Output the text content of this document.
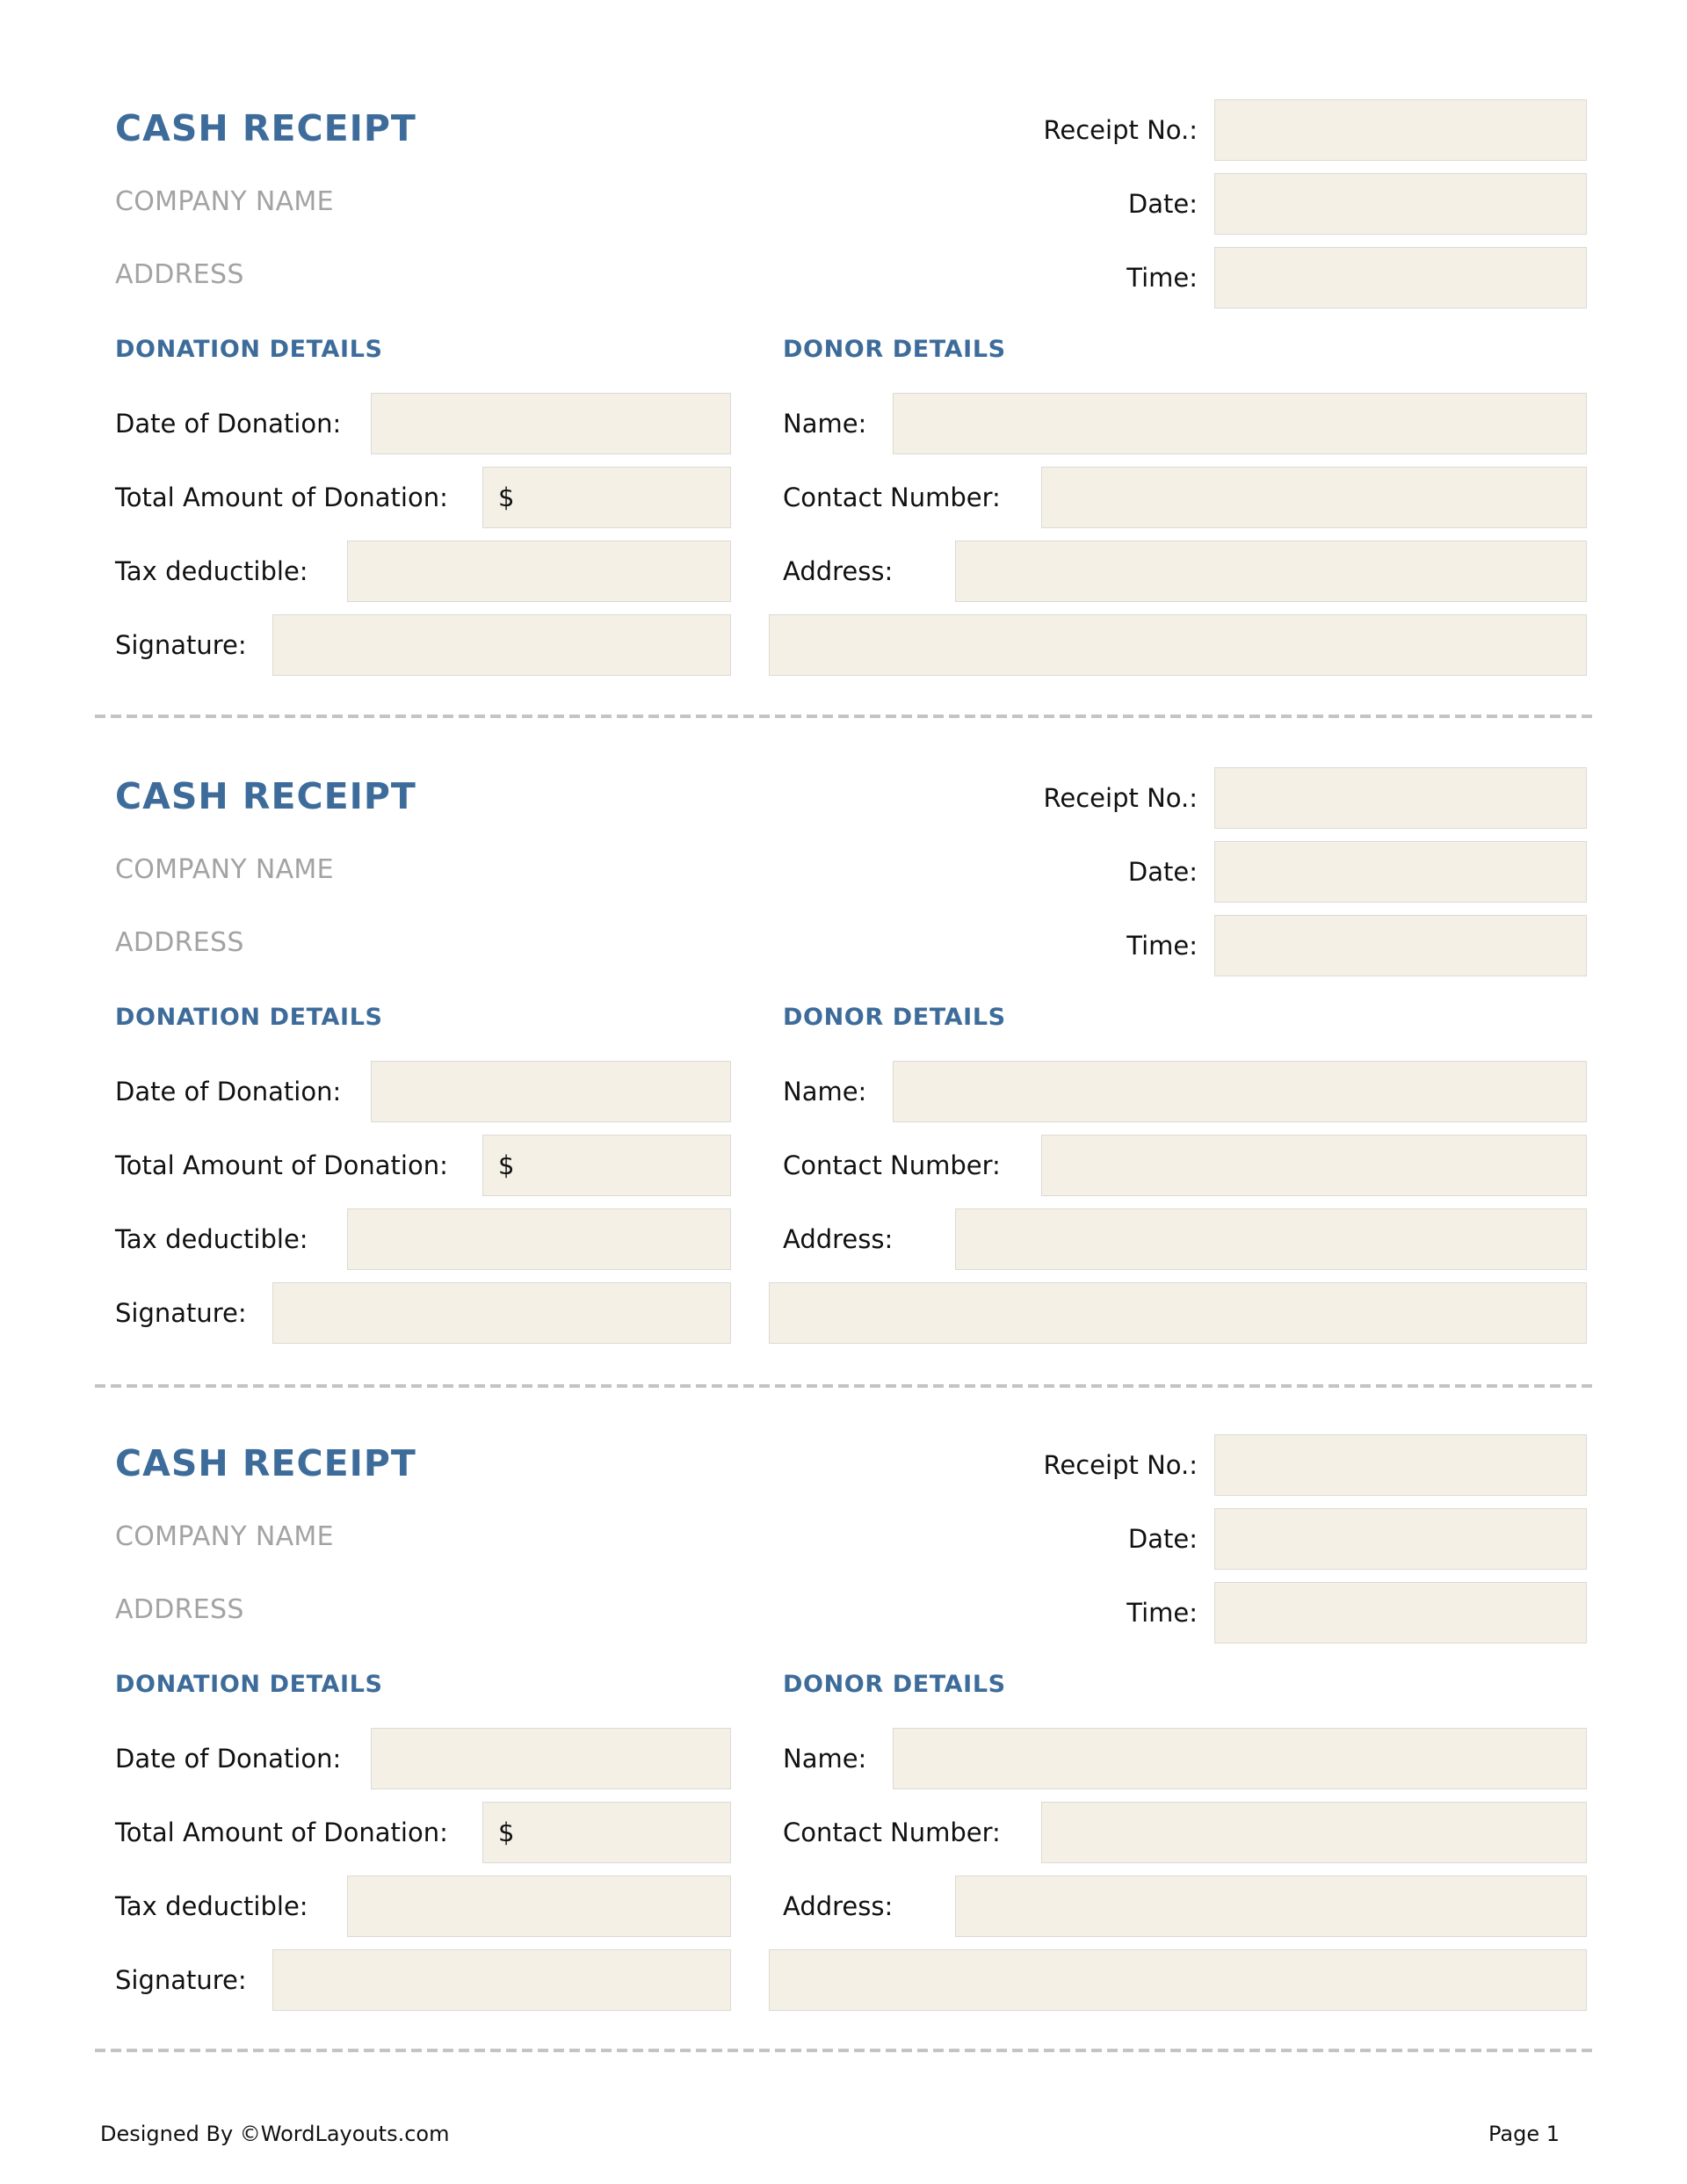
CASH RECEIPT
COMPANY NAME
ADDRESS
Receipt No.:
Date:
Time:
DONATION DETAILS	DONOR DETAILS
Date of Donation:
Total Amount of Donation: $
Tax deductible:
Signature:
Name:
Contact Number:
Address:
CASH RECEIPT
COMPANY NAME
ADDRESS
Receipt No.:
Date:
Time:
DONATION DETAILS	DONOR DETAILS
Date of Donation:
Total Amount of Donation: $
Tax deductible:
Signature:
Name:
Contact Number:
Address:
CASH RECEIPT
COMPANY NAME
ADDRESS
Receipt No.:
Date:
Time:
DONATION DETAILS	DONOR DETAILS
Date of Donation:
Total Amount of Donation: $
Tax deductible:
Signature:
Name:
Contact Number:
Address:
Designed By ©WordLayouts.com	Page 1
